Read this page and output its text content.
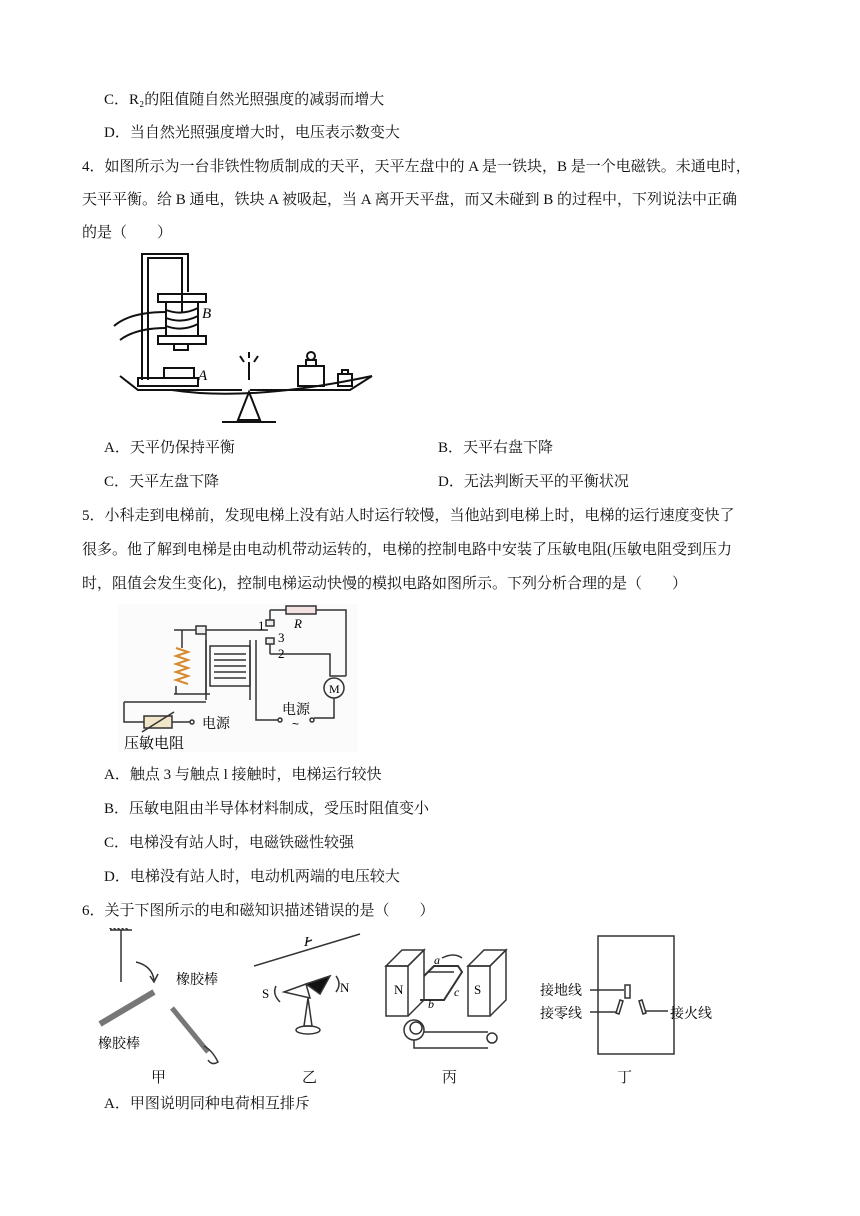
C．R₂的阻值随自然光照强度的减弱而增大
D．当自然光照强度增大时，电压表示数变大
4．如图所示为一台非铁性物质制成的天平，天平左盘中的 A 是一铁块，B 是一个电磁铁。未通电时，
天平平衡。给 B 通电，铁块 A 被吸起，当 A 离开天平盘，而又未碰到 B 的过程中，下列说法中正确
的是（　　）
B
A
A．天平仍保持平衡	B．天平右盘下降
C．天平左盘下降	D．无法判断天平的平衡状况
5．小科走到电梯前，发现电梯上没有站人时运行较慢，当他站到电梯上时，电梯的运行速度变快了
很多。他了解到电梯是由电动机带动运转的，电梯的控制电路中安装了压敏电阻(压敏电阻受到压力
时，阻值会发生变化)，控制电梯运动快慢的模拟电路如图所示。下列分析合理的是（　　）
1
3
2
R
M
电源
电源
~
压敏电阻
A．触点 3 与触点 l 接触时，电梯运行较快
B．压敏电阻由半导体材料制成，受压时阻值变小
C．电梯没有站人时，电磁铁磁性较强
D．电梯没有站人时，电动机两端的电压较大
6．关于下图所示的电和磁知识描述错误的是（　　）
橡胶棒
橡胶棒
甲
I
S	N
乙
N	S
a
b
c
丙
接地线
接零线	接火线
丁
A．甲图说明同种电荷相互排斥
